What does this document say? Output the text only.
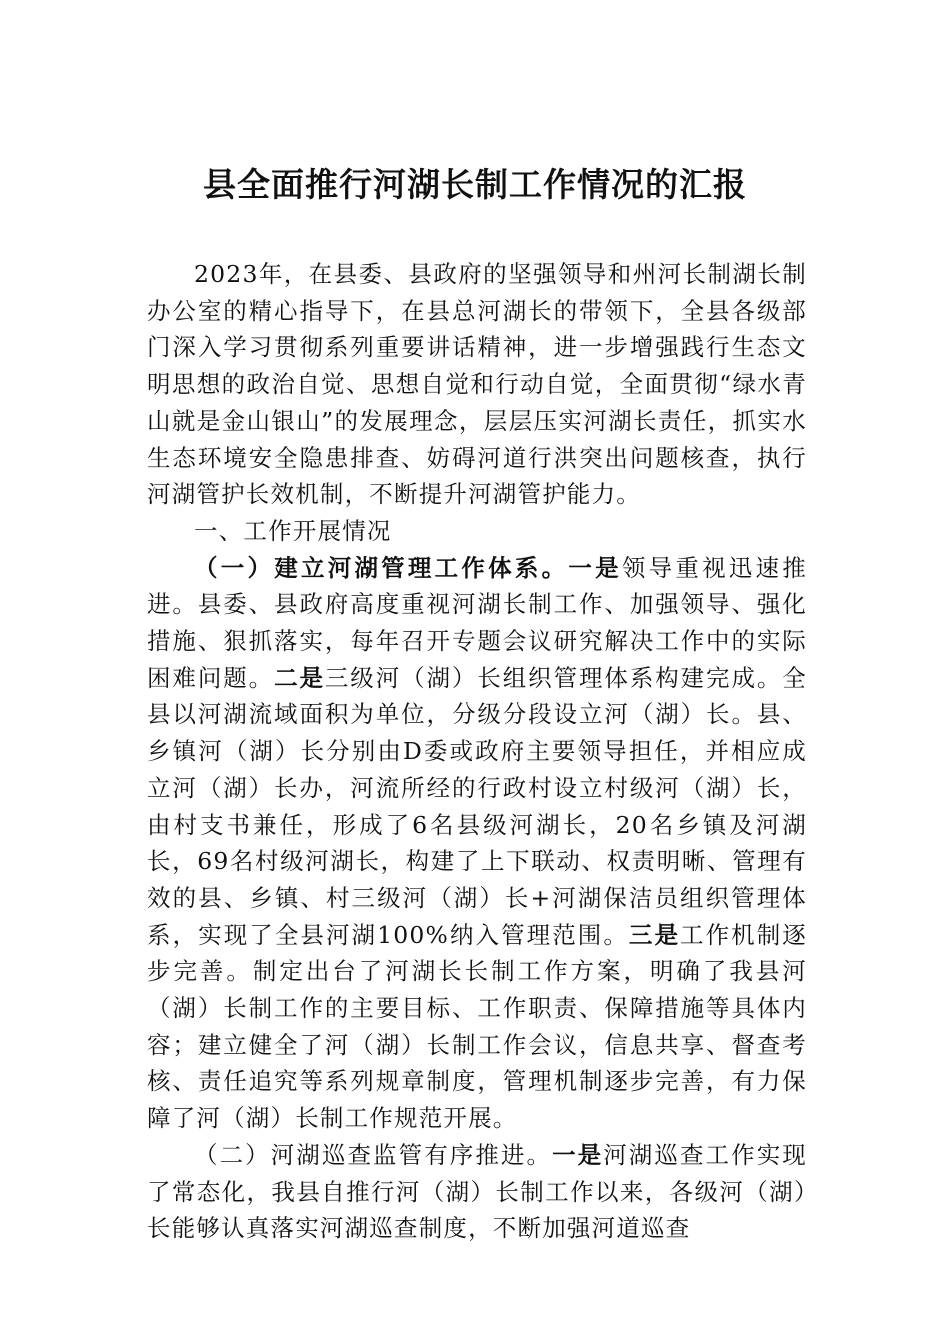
县全面推行河湖长制工作情况的汇报

2023年，在县委、县政府的坚强领导和州河长制湖长制办公室的精心指导下，在县总河湖长的带领下，全县各级部门深入学习贯彻系列重要讲话精神，进一步增强践行生态文明思想的政治自觉、思想自觉和行动自觉，全面贯彻“绿水青山就是金山银山”的发展理念，层层压实河湖长责任，抓实水生态环境安全隐患排查、妨碍河道行洪突出问题核查，执行河湖管护长效机制，不断提升河湖管护能力。

一、工作开展情况

（一）建立河湖管理工作体系。一是领导重视迅速推进。县委、县政府高度重视河湖长制工作、加强领导、强化措施、狠抓落实，每年召开专题会议研究解决工作中的实际困难问题。二是三级河（湖）长组织管理体系构建完成。全县以河湖流域面积为单位，分级分段设立河（湖）长。县、乡镇河（湖）长分别由D委或政府主要领导担任，并相应成立河（湖）长办，河流所经的行政村设立村级河（湖）长，由村支书兼任，形成了6名县级河湖长，20名乡镇及河湖长，69名村级河湖长，构建了上下联动、权责明晰、管理有效的县、乡镇、村三级河（湖）长+河湖保洁员组织管理体系，实现了全县河湖100%纳入管理范围。三是工作机制逐步完善。制定出台了河湖长长制工作方案，明确了我县河（湖）长制工作的主要目标、工作职责、保障措施等具体内容；建立健全了河（湖）长制工作会议，信息共享、督查考核、责任追究等系列规章制度，管理机制逐步完善，有力保障了河（湖）长制工作规范开展。

（二）河湖巡查监管有序推进。一是河湖巡查工作实现了常态化，我县自推行河（湖）长制工作以来，各级河（湖）长能够认真落实河湖巡查制度，不断加强河道巡查
